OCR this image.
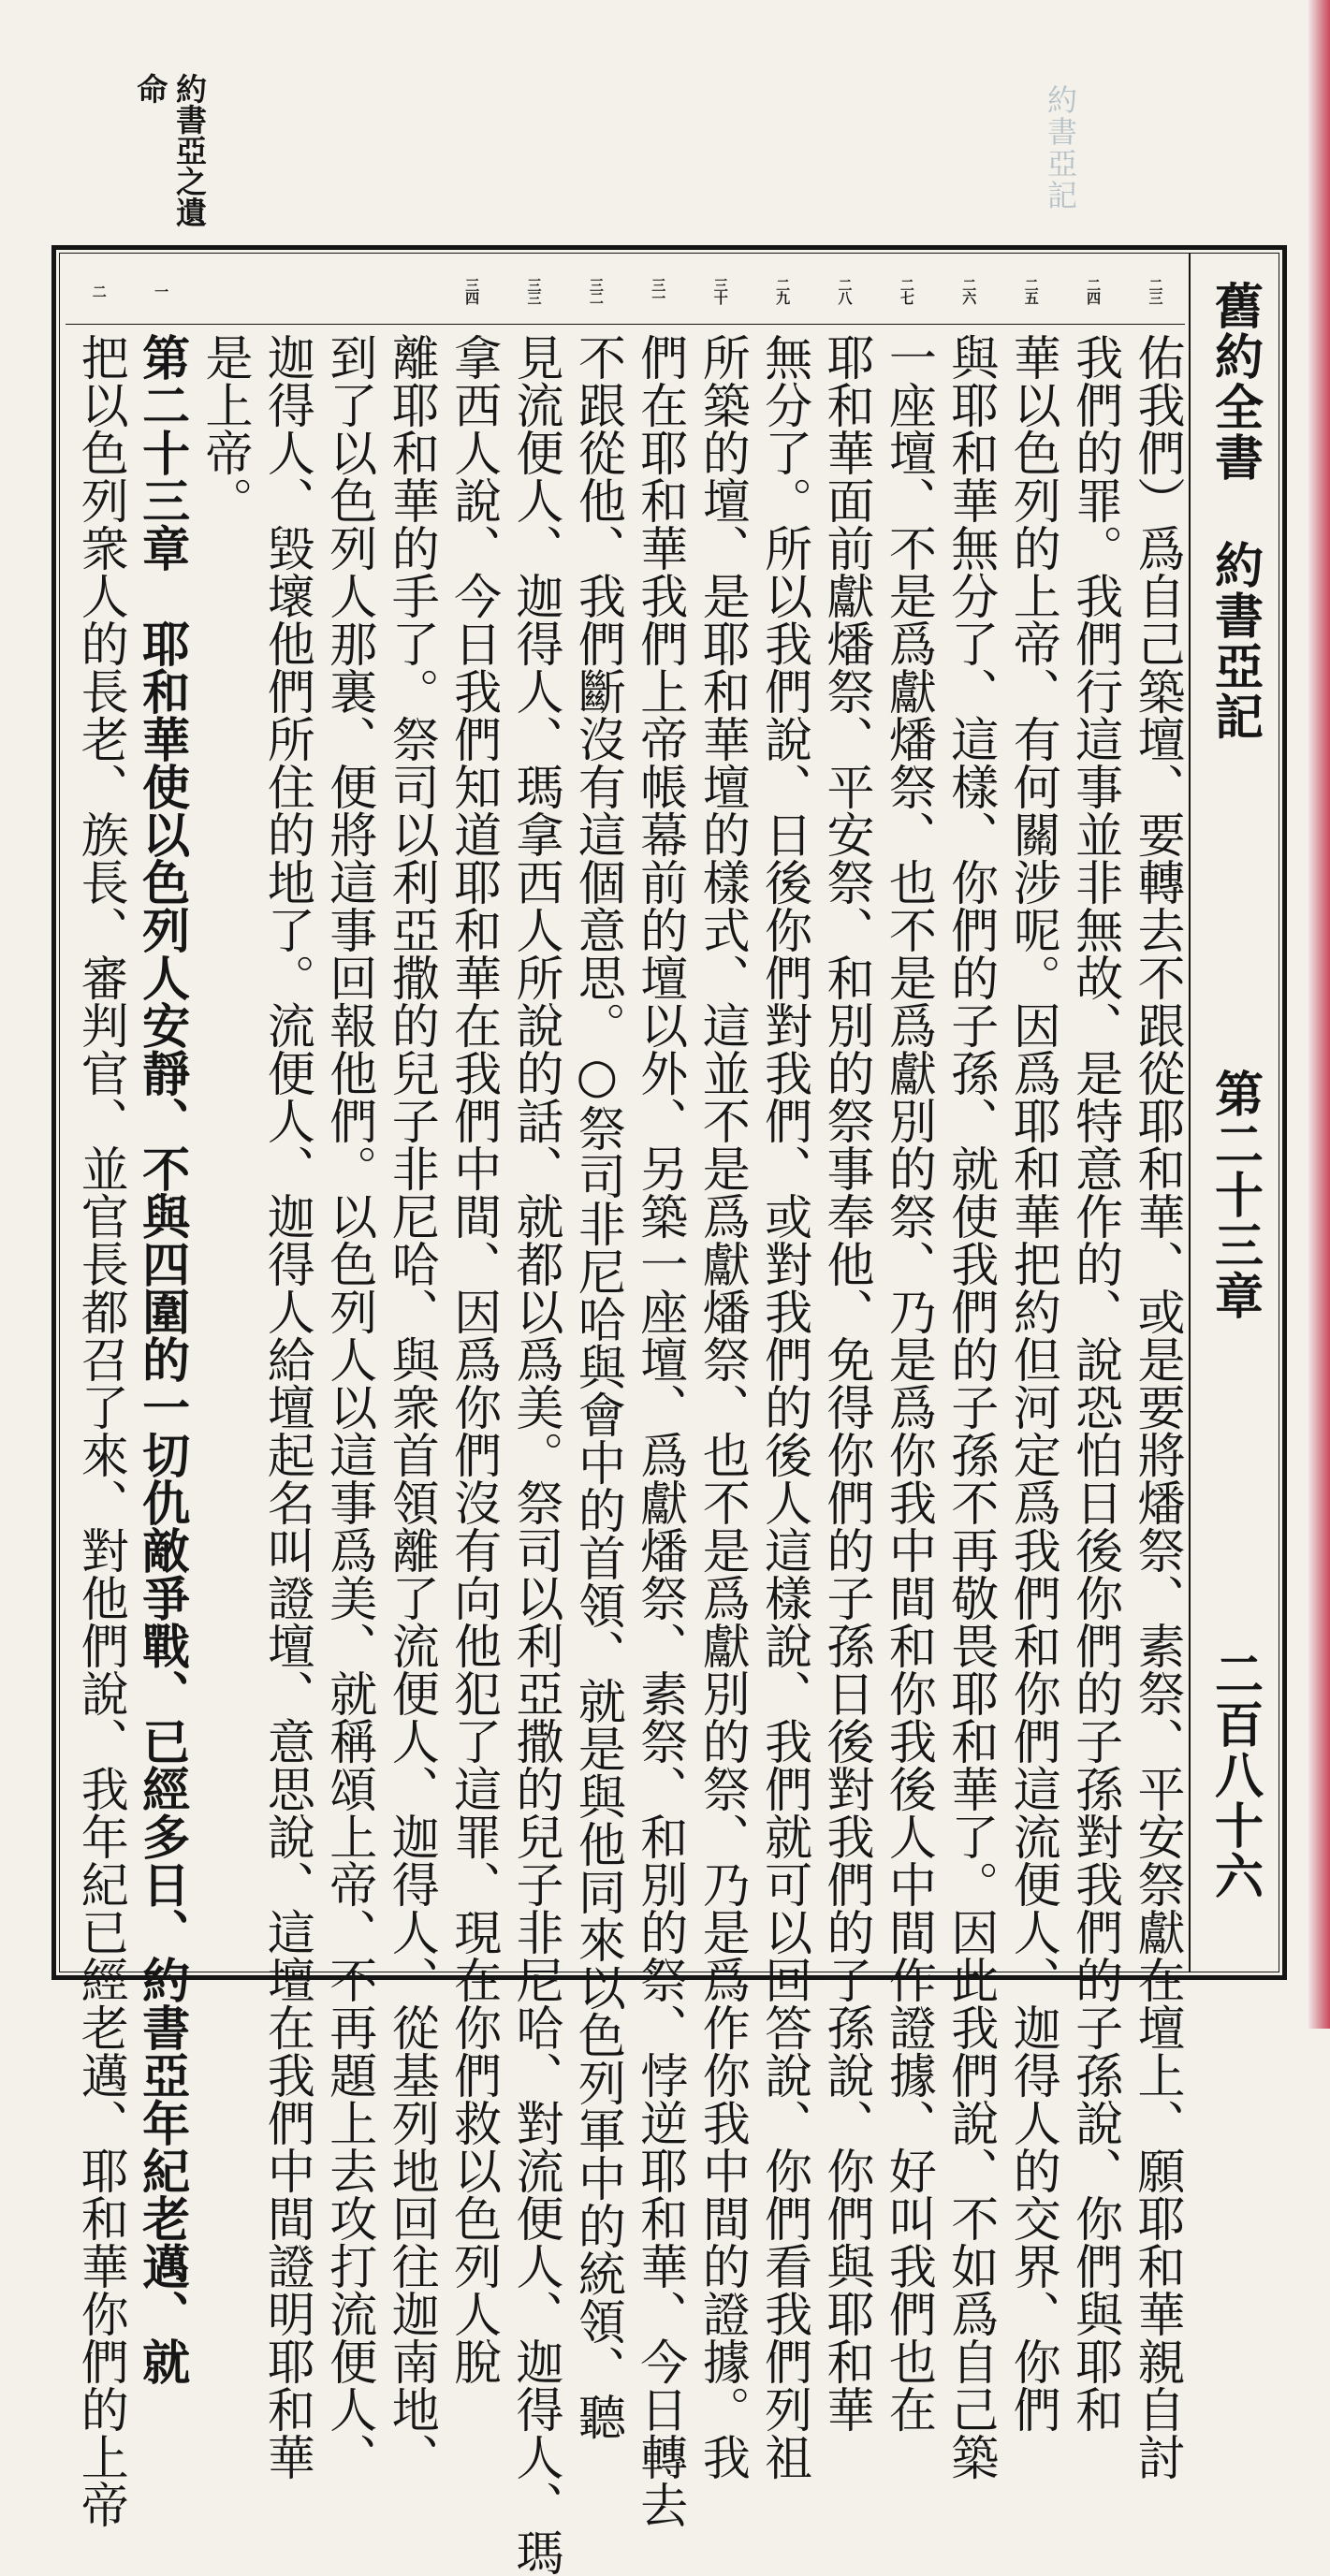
約書亞記
約書亞之遺
命
舊約全書
約書亞記
第二十三章
二百八十六
二三
佑我們）爲自己築壇、要轉去不跟從耶和華、或是要將燔祭、素祭、平安祭獻在壇上、願耶和華親自討
二四
我們的罪。我們行這事並非無故、是特意作的、說恐怕日後你們的子孫對我們的子孫說、你們與耶和
二五
華以色列的上帝、有何關涉呢。因爲耶和華把約但河定爲我們和你們這流便人、迦得人的交界、你們
二六
與耶和華無分了、這樣、你們的子孫、就使我們的子孫不再敬畏耶和華了。因此我們說、不如爲自己築
二七
一座壇、不是爲獻燔祭、也不是爲獻別的祭、乃是爲你我中間和你我後人中間作證據、好叫我們也在
二八
耶和華面前獻燔祭、平安祭、和別的祭事奉他、免得你們的子孫日後對我們的子孫說、你們與耶和華
二九
無分了。所以我們說、日後你們對我們、或對我們的後人這樣說、我們就可以回答說、你們看我們列祖
三十
所築的壇、是耶和華壇的樣式、這並不是爲獻燔祭、也不是爲獻別的祭、乃是爲作你我中間的證據。我
三一
們在耶和華我們上帝帳幕前的壇以外、另築一座壇、爲獻燔祭、素祭、和別的祭、悖逆耶和華、今日轉去
三二
不跟從他、我們斷沒有這個意思。○祭司非尼哈與會中的首領、就是與他同來以色列軍中的統領、聽
三三
見流便人、迦得人、瑪拿西人所說的話、就都以爲美。祭司以利亞撒的兒子非尼哈、對流便人、迦得人、瑪
三四
拿西人說、今日我們知道耶和華在我們中間、因爲你們沒有向他犯了這罪、現在你們救以色列人脫
離耶和華的手了。祭司以利亞撒的兒子非尼哈、與衆首領離了流便人、迦得人、從基列地回往迦南地、
到了以色列人那裏、便將這事回報他們。以色列人以這事爲美、就稱頌上帝、不再題上去攻打流便人、
迦得人、毀壞他們所住的地了。流便人、迦得人給壇起名叫證壇、意思說、這壇在我們中間證明耶和華
是上帝。
一
第二十三章　耶和華使以色列人安靜、不與四圍的一切仇敵爭戰、已經多日、約書亞年紀老邁、就
二
把以色列衆人的長老、族長、審判官、並官長都召了來、對他們說、我年紀已經老邁、耶和華你們的上帝
